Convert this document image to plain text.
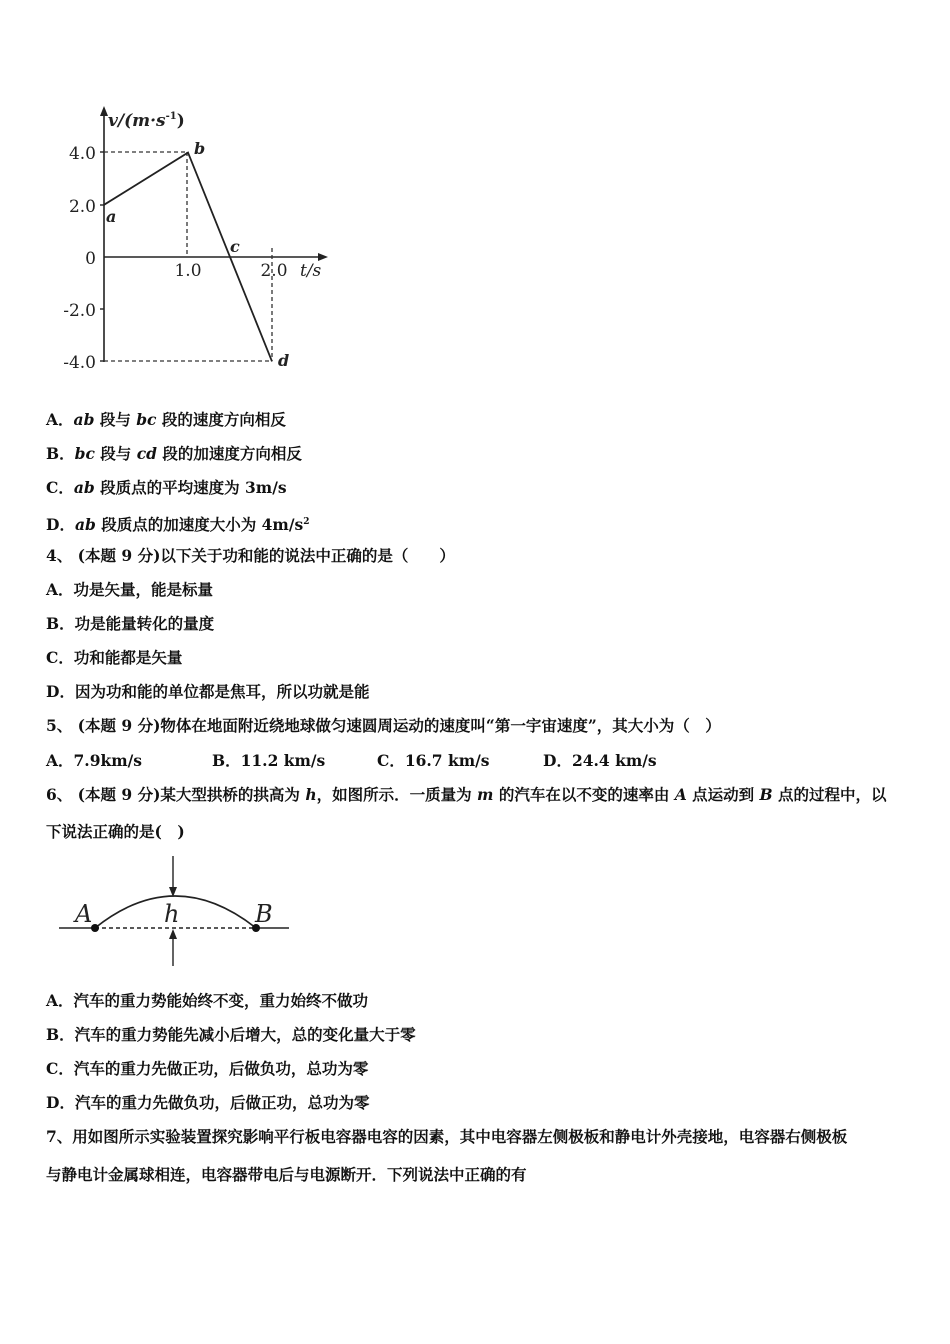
$v/(m\cdot s^{-1})$
4.0
2.0
0
-2.0
-4.0
1.0	2.0 t/s
a
b
c
d
A．ab 段与 bc 段的速度方向相反
B．bc 段与 cd 段的加速度方向相反
C．ab 段质点的平均速度为 3m/s
D．ab 段质点的加速度大小为 $4m/s^2$
4、 (本题 9 分)以下关于功和能的说法中正确的是（　　）
A．功是矢量，能是标量
B．功是能量转化的量度
C．功和能都是矢量
D．因为功和能的单位都是焦耳，所以功就是能
5、 (本题 9 分)物体在地面附近绕地球做匀速圆周运动的速度叫“第一宇宙速度”，其大小为（　）
A．7.9km/s	B．11.2 km/s	C．16.7 km/s	D．24.4 km/s
6、 (本题 9 分)某大型拱桥的拱高为 h，如图所示．一质量为 m 的汽车在以不变的速率由 A 点运动到 B 点的过程中，以
下说法正确的是(　)
A	h	B
A．汽车的重力势能始终不变，重力始终不做功
B．汽车的重力势能先减小后增大，总的变化量大于零
C．汽车的重力先做正功，后做负功，总功为零
D．汽车的重力先做负功，后做正功，总功为零
7、用如图所示实验装置探究影响平行板电容器电容的因素，其中电容器左侧极板和静电计外壳接地，电容器右侧极板
与静电计金属球相连，电容器带电后与电源断开．下列说法中正确的有
